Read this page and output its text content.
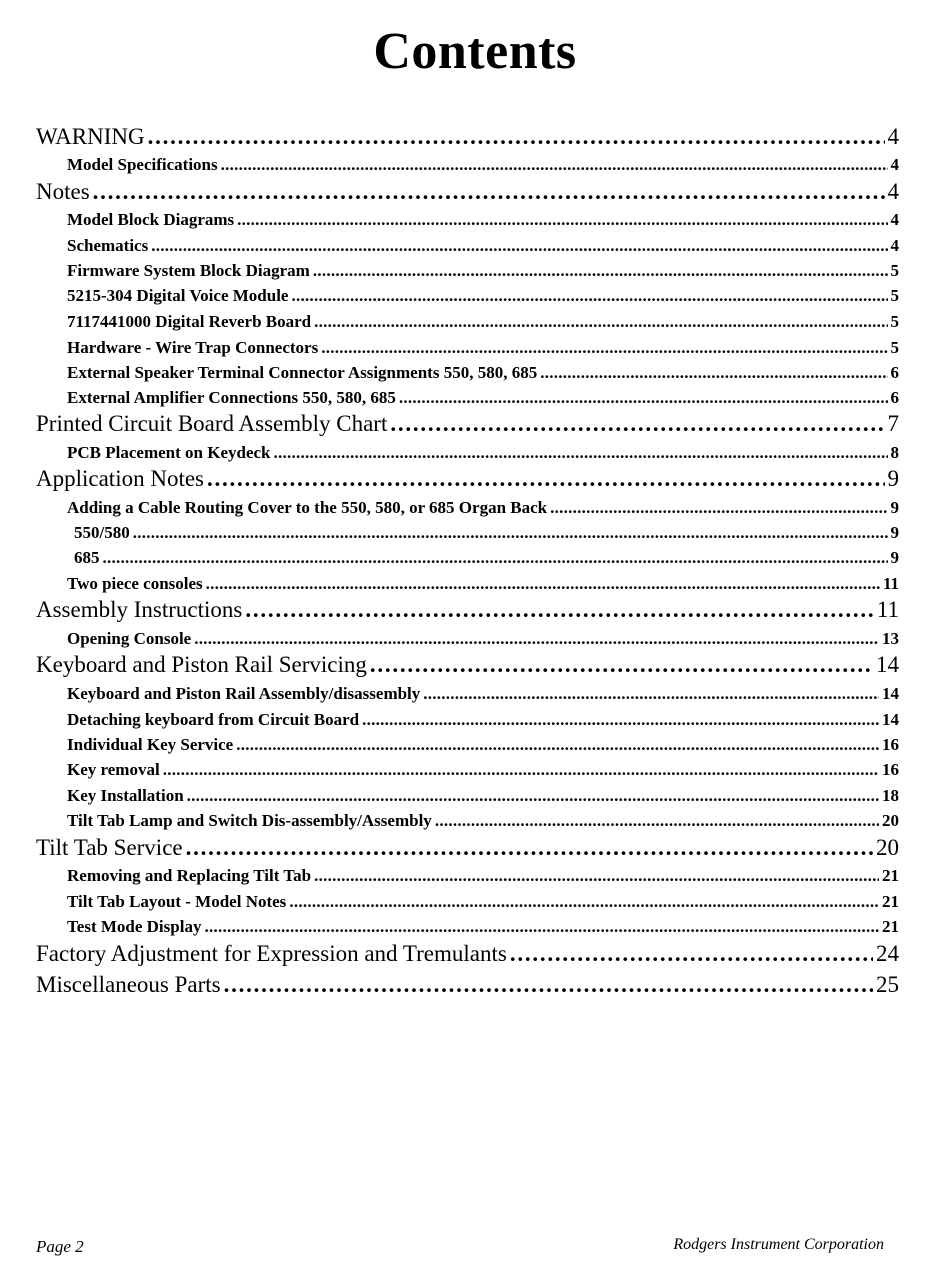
Contents
WARNING . . .	4
Model Specifications . . .	4
Notes . . .	4
Model Block Diagrams . . .	4
Schematics . . .	4
Firmware System Block Diagram . . .	5
5215-304 Digital Voice Module . . .	5
7117441000 Digital Reverb Board . . .	5
Hardware - Wire Trap Connectors . . .	5
External Speaker Terminal Connector Assignments 550, 580, 685 . . .	6
External Amplifier Connections 550, 580, 685 . . .	6
Printed Circuit Board Assembly Chart . . .	7
PCB Placement on Keydeck . . .	8
Application Notes . . .	9
Adding a Cable Routing Cover to the 550, 580, or 685 Organ Back . . .	9
550/580 . . .	9
685 . . .	9
Two piece consoles . . .	11
Assembly Instructions . . .	11
Opening Console . . .	13
Keyboard and Piston Rail Servicing . . .	14
Keyboard and Piston Rail Assembly/disassembly . . .	14
Detaching keyboard from Circuit Board . . .	14
Individual Key Service . . .	16
Key removal . . .	16
Key Installation . . .	18
Tilt Tab Lamp and Switch Dis-assembly/Assembly . . .	20
Tilt Tab Service . . .	20
Removing and Replacing Tilt Tab . . .	21
Tilt Tab Layout - Model Notes . . .	21
Test Mode Display . . .	21
Factory Adjustment for Expression and Tremulants . . .	24
Miscellaneous Parts . . .	25
Page 2	Rodgers Instrument Corporation
